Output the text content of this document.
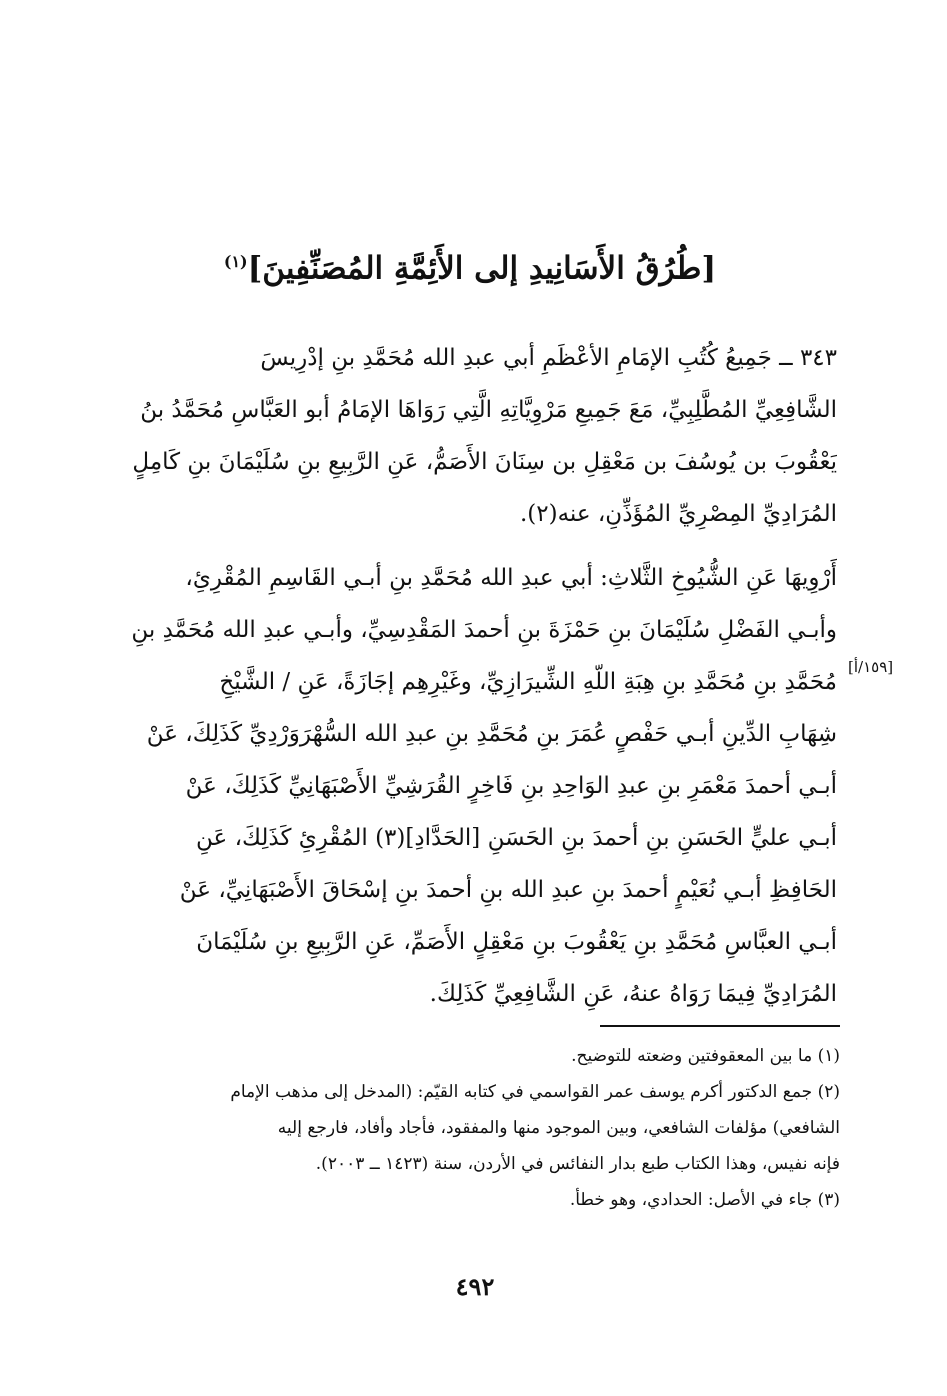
[طُرُقُ الأَسَانِيدِ إلى الأَئِمَّةِ المُصَنِّفِينَ]$^{(١)}$
٣٤٣ ــ جَمِيعُ كُتُبِ الإمَامِ الأعْظَمِ أبي عبدِ الله مُحَمَّدِ بنِ إدْرِيسَ
الشَّافِعِيِّ المُطَّلِبِيِّ، مَعَ جَمِيعِ مَرْوِيَّاتِهِ الَّتِي رَوَاهَا الإمَامُ أبو العَبَّاسِ مُحَمَّدُ بنُ
يَعْقُوبَ بن يُوسُفَ بن مَعْقِلِ بن سِنَانَ الأَصَمُّ، عَنِ الرَّبِيعِ بنِ سُلَيْمَانَ بنِ كَامِلٍ
المُرَادِيِّ المِصْرِيِّ المُؤَذِّنِ، عنه(٢).
أَرْوِيهَا عَنِ الشُّيُوخِ الثَّلاثِ: أبي عبدِ الله مُحَمَّدِ بنِ أبـي القَاسِمِ المُقْرِئِ،
وأبـي الفَضْلِ سُلَيْمَانَ بنِ حَمْزَةَ بنِ أحمدَ المَقْدِسِيِّ، وأبـي عبدِ الله مُحَمَّدِ بنِ
مُحَمَّدِ بنِ مُحَمَّدِ بنِ هِبَةِ اللّهِ الشِّيرَازِيِّ، وغَيْرِهِم إجَازَةً، عَنِ / الشَّيْخِ
شِهَابِ الدِّينِ أبـي حَفْصٍ عُمَرَ بنِ مُحَمَّدِ بنِ عبدِ الله السُّهْرَوَرْدِيِّ كَذَلِكَ، عَنْ
أبـي أحمدَ مَعْمَرِ بنِ عبدِ الوَاحِدِ بنِ فَاخِرٍ القُرَشِيِّ الأَصْبَهَانِيِّ كَذَلِكَ، عَنْ
أبـي عليٍّ الحَسَنِ بنِ أحمدَ بنِ الحَسَنِ [الحَدَّادِ](٣) المُقْرِئِ كَذَلِكَ، عَنِ
الحَافِظِ أبـي نُعَيْمٍ أحمدَ بنِ عبدِ الله بنِ أحمدَ بنِ إسْحَاقَ الأَصْبَهَانِيِّ، عَنْ
أبـي العبَّاسِ مُحَمَّدِ بنِ يَعْقُوبَ بنِ مَعْقِلٍ الأَصَمِّ، عَنِ الرَّبِيعِ بنِ سُلَيْمَانَ
المُرَادِيِّ فِيمَا رَوَاهُ عنهُ، عَنِ الشَّافِعِيِّ كَذَلِكَ.
[١٥٩/أ]
(١) ما بين المعقوفتين وضعته للتوضيح.
(٢) جمع الدكتور أكرم يوسف عمر القواسمي في كتابه القيّم: (المدخل إلى مذهب الإمام
الشافعي) مؤلفات الشافعي، وبين الموجود منها والمفقود، فأجاد وأفاد، فارجع إليه
فإنه نفيس، وهذا الكتاب طبع بدار النفائس في الأردن، سنة (١٤٢٣ ــ ٢٠٠٣).
(٣) جاء في الأصل: الحدادي، وهو خطأ.
٤٩٢
